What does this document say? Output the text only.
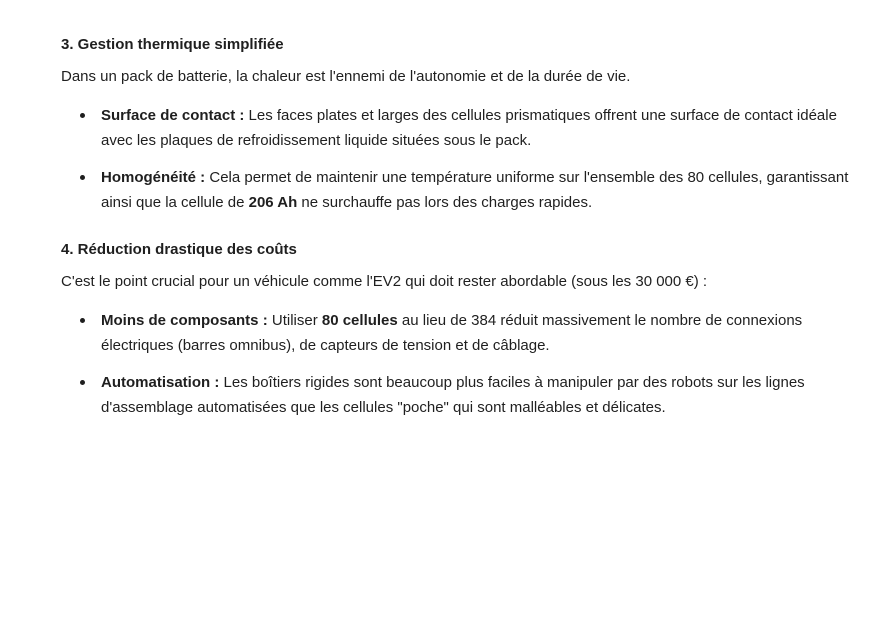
3. Gestion thermique simplifiée

Dans un pack de batterie, la chaleur est l'ennemi de l'autonomie et de la durée de vie.

Surface de contact : Les faces plates et larges des cellules prismatiques offrent une surface de contact idéale avec les plaques de refroidissement liquide situées sous le pack.
Homogénéité : Cela permet de maintenir une température uniforme sur l'ensemble des 80 cellules, garantissant ainsi que la cellule de 206 Ah ne surchauffe pas lors des charges rapides.
4. Réduction drastique des coûts

C'est le point crucial pour un véhicule comme l'EV2 qui doit rester abordable (sous les 30 000 €) :

Moins de composants : Utiliser 80 cellules au lieu de 384 réduit massivement le nombre de connexions électriques (barres omnibus), de capteurs de tension et de câblage.
Automatisation : Les boîtiers rigides sont beaucoup plus faciles à manipuler par des robots sur les lignes d'assemblage automatisées que les cellules "poche" qui sont malléables et délicates.
